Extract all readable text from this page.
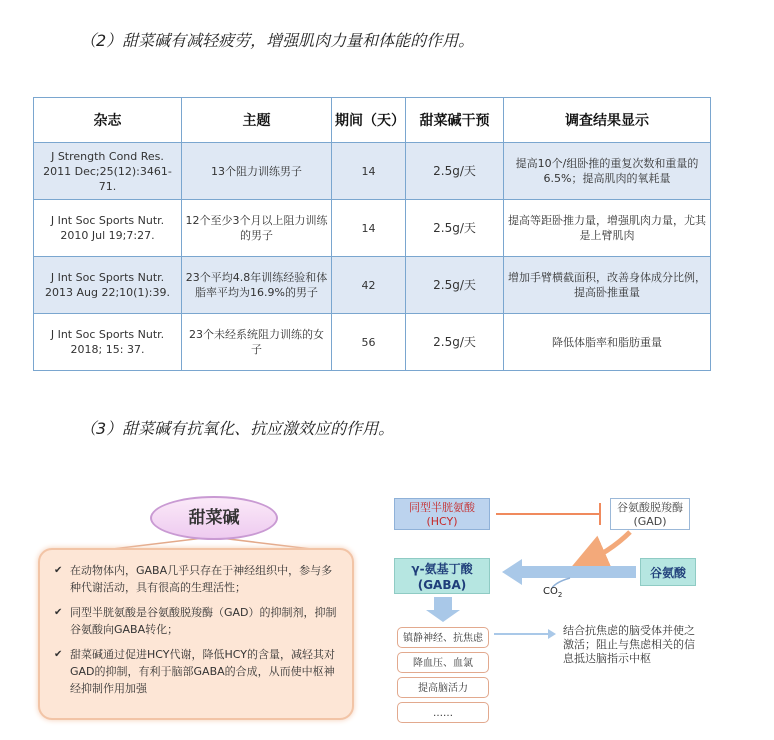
（2）甜菜碱有减轻疲劳，增强肌肉力量和体能的作用。
杂志	主题	期间（天）	甜菜碱干预	调查结果显示
J Strength Cond Res. 2011 Dec;25(12):3461-71.	13个阻力训练男子	14	2.5g/天	提高10个/组卧推的重复次数和重量的6.5%；提高肌肉的氧耗量
J Int Soc Sports Nutr. 2010 Jul 19;7:27.	12个至少3个月以上阻力训练的男子	14	2.5g/天	提高等距卧推力量，增强肌肉力量，尤其是上臂肌肉
J Int Soc Sports Nutr. 2013 Aug 22;10(1):39.	23个平均4.8年训练经验和体脂率平均为16.9%的男子	42	2.5g/天	增加手臂横截面积，改善身体成分比例，提高卧推重量
J Int Soc Sports Nutr. 2018; 15: 37.	23个未经系统阻力训练的女子	56	2.5g/天	降低体脂率和脂肪重量
（3）甜菜碱有抗氧化、抗应激效应的作用。
甜菜碱
✔ 在动物体内，GABA几乎只存在于神经组织中，参与多种代谢活动，具有很高的生理活性；
✔ 同型半胱氨酸是谷氨酸脱羧酶（GAD）的抑制剂，抑制谷氨酸向GABA转化；
✔ 甜菜碱通过促进HCY代谢，降低HCY的含量，减轻其对GAD的抑制，有利于脑部GABA的合成，从而使中枢神经抑制作用加强
同型半胱氨酸
(HCY)
谷氨酸脱羧酶
(GAD)
γ-氨基丁酸
(GABA)
谷氨酸
$CO_2$
镇静神经、抗焦虑
降血压、血氯
提高脑活力
……
结合抗焦虑的脑受体并使之激活；阻止与焦虑相关的信息抵达脑指示中枢
